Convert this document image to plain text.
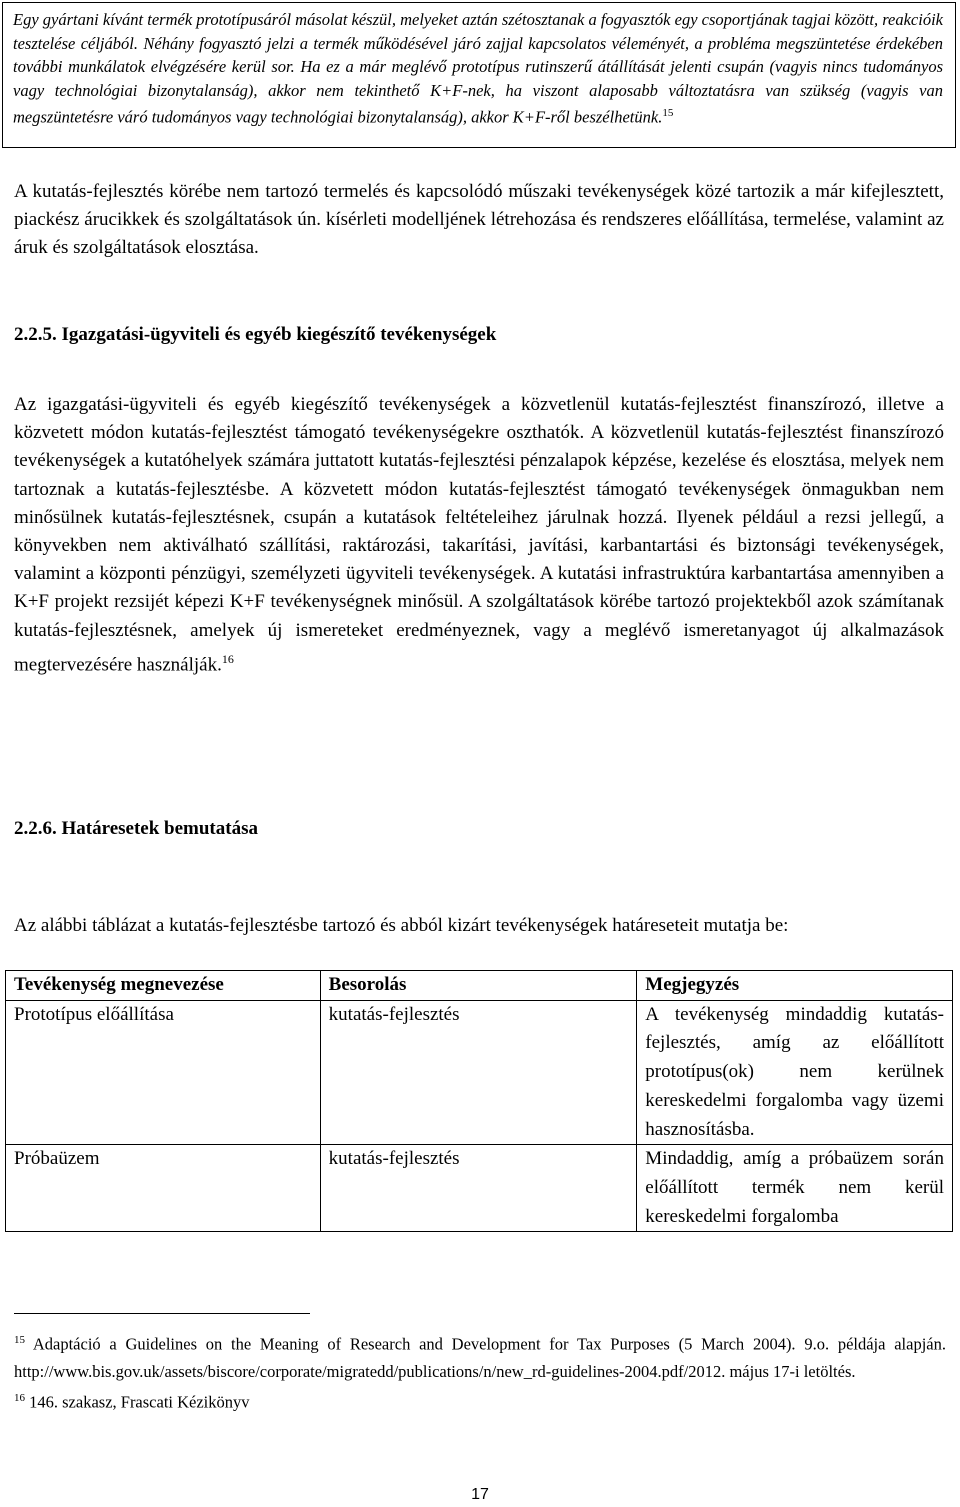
Egy gyártani kívánt termék prototípusáról másolat készül, melyeket aztán szétosztanak a fogyasztók egy csoportjának tagjai között, reakcióik tesztelése céljából. Néhány fogyasztó jelzi a termék működésével járó zajjal kapcsolatos véleményét, a probléma megszüntetése érdekében további munkálatok elvégzésére kerül sor. Ha ez a már meglévő prototípus rutinszerű átállítását jelenti csupán (vagyis nincs tudományos vagy technológiai bizonytalanság), akkor nem tekinthető K+F-nek, ha viszont alaposabb változtatásra van szükség (vagyis van megszüntetésre váró tudományos vagy technológiai bizonytalanság), akkor K+F-ről beszélhetünk.$^{15}$
A kutatás-fejlesztés körébe nem tartozó termelés és kapcsolódó műszaki tevékenységek közé tartozik a már kifejlesztett, piackész árucikkek és szolgáltatások ún. kísérleti modelljének létrehozása és rendszeres előállítása, termelése, valamint az áruk és szolgáltatások elosztása.
2.2.5. Igazgatási-ügyviteli és egyéb kiegészítő tevékenységek
Az igazgatási-ügyviteli és egyéb kiegészítő tevékenységek a közvetlenül kutatás-fejlesztést finanszírozó, illetve a közvetett módon kutatás-fejlesztést támogató tevékenységekre oszthatók. A közvetlenül kutatás-fejlesztést finanszírozó tevékenységek a kutatóhelyek számára juttatott kutatás-fejlesztési pénzalapok képzése, kezelése és elosztása, melyek nem tartoznak a kutatás-fejlesztésbe. A közvetett módon kutatás-fejlesztést támogató tevékenységek önmagukban nem minősülnek kutatás-fejlesztésnek, csupán a kutatások feltételeihez járulnak hozzá. Ilyenek például a rezsi jellegű, a könyvekben nem aktiválható szállítási, raktározási, takarítási, javítási, karbantartási és biztonsági tevékenységek, valamint a központi pénzügyi, személyzeti ügyviteli tevékenységek. A kutatási infrastruktúra karbantartása amennyiben a K+F projekt rezsijét képezi K+F tevékenységnek minősül. A szolgáltatások körébe tartozó projektekből azok számítanak kutatás-fejlesztésnek, amelyek új ismereteket eredményeznek, vagy a meglévő ismeretanyagot új alkalmazások megtervezésére használják.$^{16}$
2.2.6. Határesetek bemutatása
Az alábbi táblázat a kutatás-fejlesztésbe tartozó és abból kizárt tevékenységek határeseteit mutatja be:
Tevékenység megnevezése	Besorolás	Megjegyzés
Prototípus előállítása	kutatás-fejlesztés	A tevékenység mindaddig kutatás-fejlesztés, amíg az előállított prototípus(ok) nem kerülnek kereskedelmi forgalomba vagy üzemi hasznosításba.
Próbaüzem	kutatás-fejlesztés	Mindaddig, amíg a próbaüzem során előállított termék nem kerül kereskedelmi forgalomba
$^{15}$ Adaptáció a Guidelines on the Meaning of Research and Development for Tax Purposes (5 March 2004). 9.o. példája alapján. http://www.bis.gov.uk/assets/biscore/corporate/migratedd/publications/n/new_rd-guidelines-2004.pdf/2012. május 17-i letöltés.
$^{16}$ 146. szakasz, Frascati Kézikönyv
17
